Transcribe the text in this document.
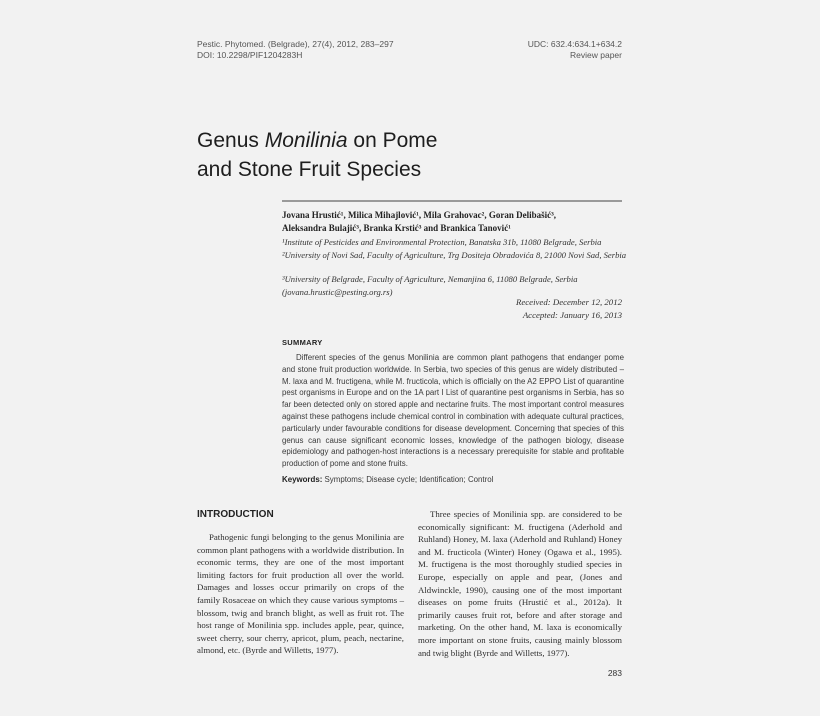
Pestic. Phytomed. (Belgrade), 27(4), 2012, 283–297
DOI: 10.2298/PIF1204283H
UDC: 632.4:634.1+634.2
Review paper
Genus Monilinia on Pome
and Stone Fruit Species
Jovana Hrustić¹, Milica Mihajlović¹, Mila Grahovac², Goran Delibašić³,
Aleksandra Bulajić³, Branka Krstić³ and Brankica Tanović¹
¹Institute of Pesticides and Environmental Protection, Banatska 31b, 11080 Belgrade, Serbia
²University of Novi Sad, Faculty of Agriculture, Trg Dositeja Obradovića 8, 21000 Novi Sad, Serbia
³University of Belgrade, Faculty of Agriculture, Nemanjina 6, 11080 Belgrade, Serbia (jovana.hrustic@pesting.org.rs)
Received: December 12, 2012
Accepted: January 16, 2013
SUMMARY

Different species of the genus Monilinia are common plant pathogens that endanger pome and stone fruit production worldwide. In Serbia, two species of this genus are widely distributed – M. laxa and M. fructigena, while M. fructicola, which is officially on the A2 EPPO List of quarantine pest organisms in Europe and on the 1A part I List of quarantine pest organisms in Serbia, has so far been detected only on stored apple and nectarine fruits. The most important control measures against these pathogens include chemical control in combination with adequate cultural practices, particularly under favourable conditions for disease development. Concerning that species of this genus can cause significant economic losses, knowledge of the pathogen biology, disease epidemiology and pathogen-host interactions is a necessary prerequisite for stable and profitable production of pome and stone fruits.

Keywords: Symptoms; Disease cycle; Identification; Control
INTRODUCTION

Pathogenic fungi belonging to the genus Monilinia are common plant pathogens with a worldwide distribution. In economic terms, they are one of the most important limiting factors for fruit production all over the world. Damages and losses occur primarily on crops of the family Rosaceae on which they cause various symptoms – blossom, twig and branch blight, as well as fruit rot. The host range of Monilinia spp. includes apple, pear, quince, sweet cherry, sour cherry, apricot, plum, peach, nectarine, almond, etc. (Byrde and Willetts, 1977).

Three species of Monilinia spp. are considered to be economically significant: M. fructigena (Aderhold and Ruhland) Honey, M. laxa (Aderhold and Ruhland) Honey and M. fructicola (Winter) Honey (Ogawa et al., 1995). M. fructigena is the most thoroughly studied species in Europe, especially on apple and pear, (Jones and Aldwinckle, 1990), causing one of the most important diseases on pome fruits (Hrustić et al., 2012a). It primarily causes fruit rot, before and after storage and marketing. On the other hand, M. laxa is economically more important on stone fruits, causing mainly blossom and twig blight (Byrde and Willetts, 1977).

283
